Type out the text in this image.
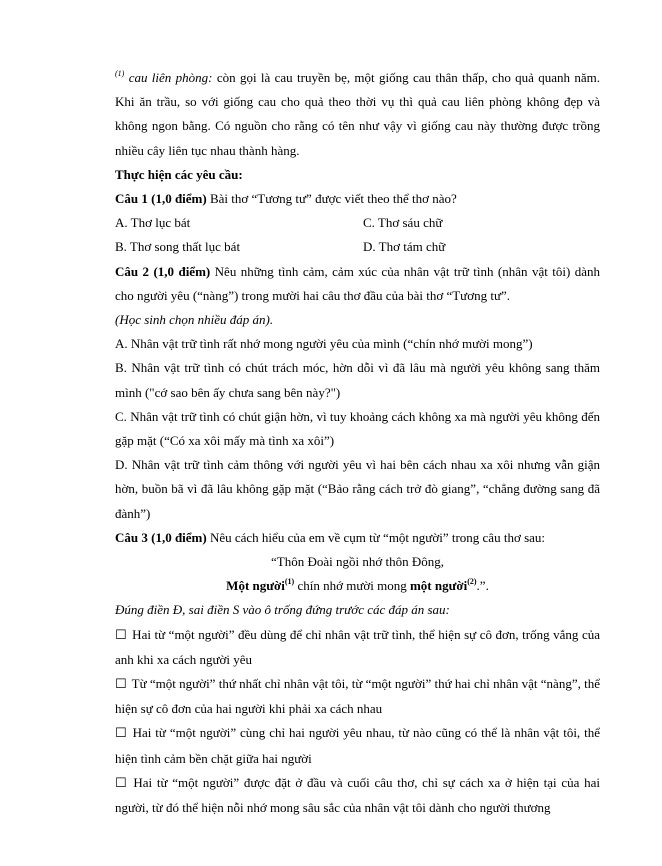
$^{(1)}$ cau liên phòng: còn gọi là cau truyền bẹ, một giống cau thân thấp, cho quả quanh năm. Khi ăn trầu, so với giống cau cho quả theo thời vụ thì quả cau liên phòng không đẹp và không ngon bằng. Có nguồn cho rằng có tên như vậy vì giống cau này thường được trồng nhiều cây liên tục nhau thành hàng.

Thực hiện các yêu cầu:

Câu 1 (1,0 điểm) Bài thơ “Tương tư” được viết theo thể thơ nào?

A. Thơ lục bát	C. Thơ sáu chữ
B. Thơ song thất lục bát	D. Thơ tám chữ

Câu 2 (1,0 điểm) Nêu những tình cảm, cảm xúc của nhân vật trữ tình (nhân vật tôi) dành cho người yêu (“nàng”) trong mười hai câu thơ đầu của bài thơ “Tương tư”.

(Học sinh chọn nhiều đáp án).

A. Nhân vật trữ tình rất nhớ mong người yêu của mình (“chín nhớ mười mong”)

B. Nhân vật trữ tình có chút trách móc, hờn dỗi vì đã lâu mà người yêu không sang thăm mình ("cớ sao bên ấy chưa sang bên này?")

C. Nhân vật trữ tình có chút giận hờn, vì tuy khoảng cách không xa mà người yêu không đến gặp mặt (“Có xa xôi mấy mà tình xa xôi”)

D. Nhân vật trữ tình cảm thông với người yêu vì hai bên cách nhau xa xôi nhưng vẫn giận hờn, buồn bã vì đã lâu không gặp mặt (“Bảo rằng cách trở đò giang”, “chẳng đường sang đã đành”)

Câu 3 (1,0 điểm) Nêu cách hiểu của em về cụm từ “một người” trong câu thơ sau:

“Thôn Đoài ngồi nhớ thôn Đông,

Một người$^{(1)}$ chín nhớ mười mong một người$^{(2)}$.”.

Đúng điền Đ, sai điền S vào ô trống đứng trước các đáp án sau:

☐ Hai từ “một người” đều dùng để chỉ nhân vật trữ tình, thể hiện sự cô đơn, trống vắng của anh khi xa cách người yêu

☐ Từ “một người” thứ nhất chỉ nhân vật tôi, từ “một người” thứ hai chỉ nhân vật “nàng”, thể hiện sự cô đơn của hai người khi phải xa cách nhau

☐ Hai từ “một người” cùng chỉ hai người yêu nhau, từ nào cũng có thể là nhân vật tôi, thể hiện tình cảm bền chặt giữa hai người

☐ Hai từ “một người” được đặt ở đầu và cuối câu thơ, chỉ sự cách xa ở hiện tại của hai người, từ đó thể hiện nỗi nhớ mong sâu sắc của nhân vật tôi dành cho người thương
